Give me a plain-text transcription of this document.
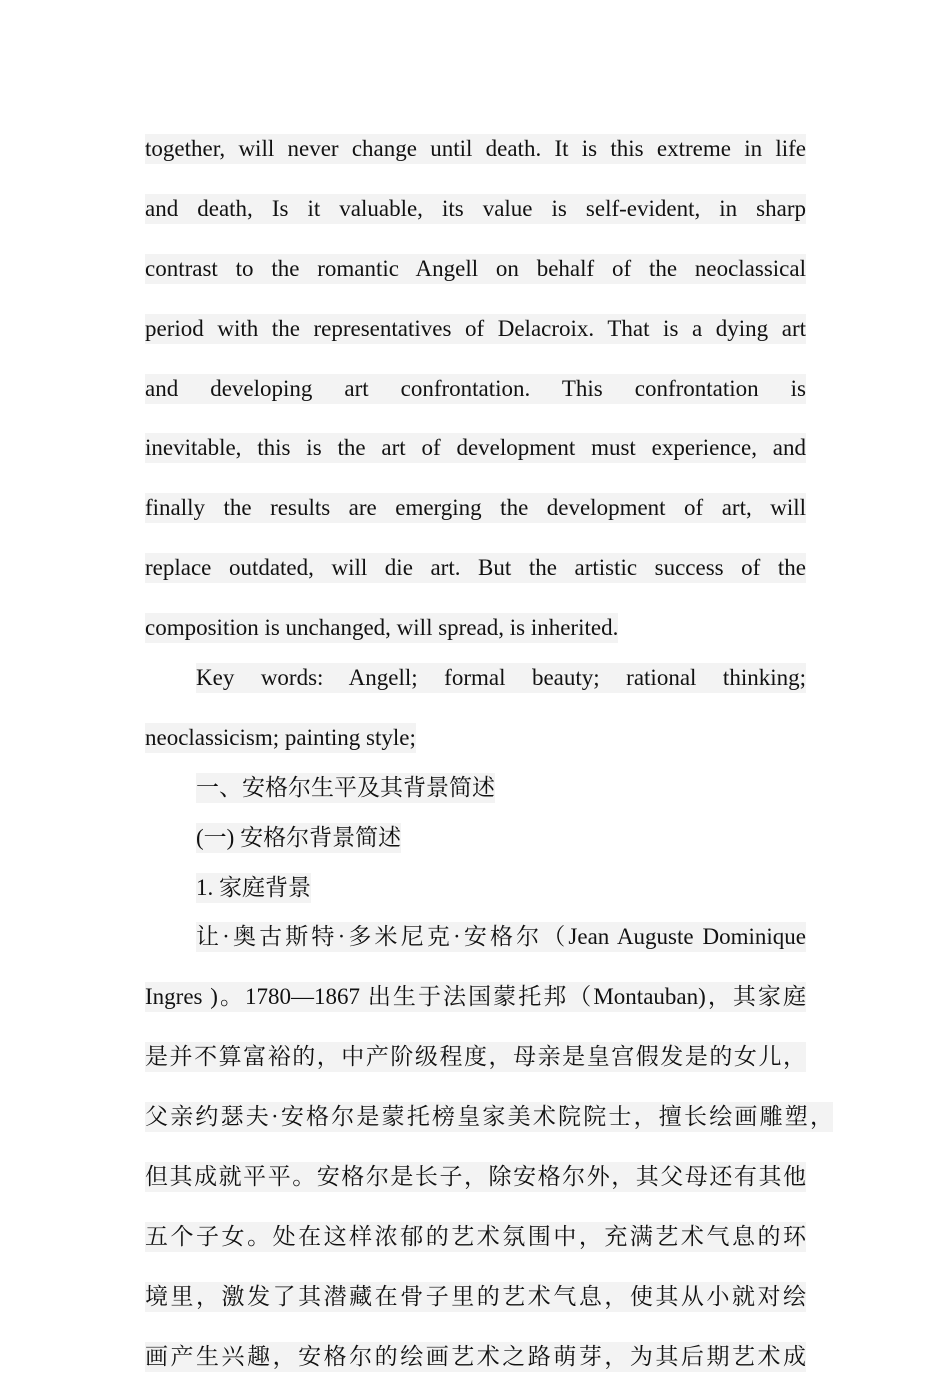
together, will never change until death. It is this extreme in life
and death, Is it valuable, its value is self-evident, in sharp
contrast to the romantic Angell on behalf of the neoclassical
period with the representatives of Delacroix. That is a dying art
and developing art confrontation. This confrontation is
inevitable, this is the art of development must experience, and
finally the results are emerging the development of art, will
replace outdated, will die art. But the artistic success of the
composition is unchanged, will spread, is inherited.
Key words: Angell; formal beauty; rational thinking;
neoclassicism; painting style;
一、安格尔生平及其背景简述
(一) 安格尔背景简述
1. 家庭背景
让·奥古斯特·多米尼克·安格尔（Jean Auguste Dominique
Ingres )。1780—1867 出生于法国蒙托邦（Montauban)，其家庭
是并不算富裕的，中产阶级程度，母亲是皇宫假发是的女儿，
父亲约瑟夫·安格尔是蒙托榜皇家美术院院士，擅长绘画雕塑，
但其成就平平。安格尔是长子，除安格尔外，其父母还有其他
五个子女。处在这样浓郁的艺术氛围中，充满艺术气息的环
境里，激发了其潜藏在骨子里的艺术气息，使其从小就对绘
画产生兴趣，安格尔的绘画艺术之路萌芽，为其后期艺术成
